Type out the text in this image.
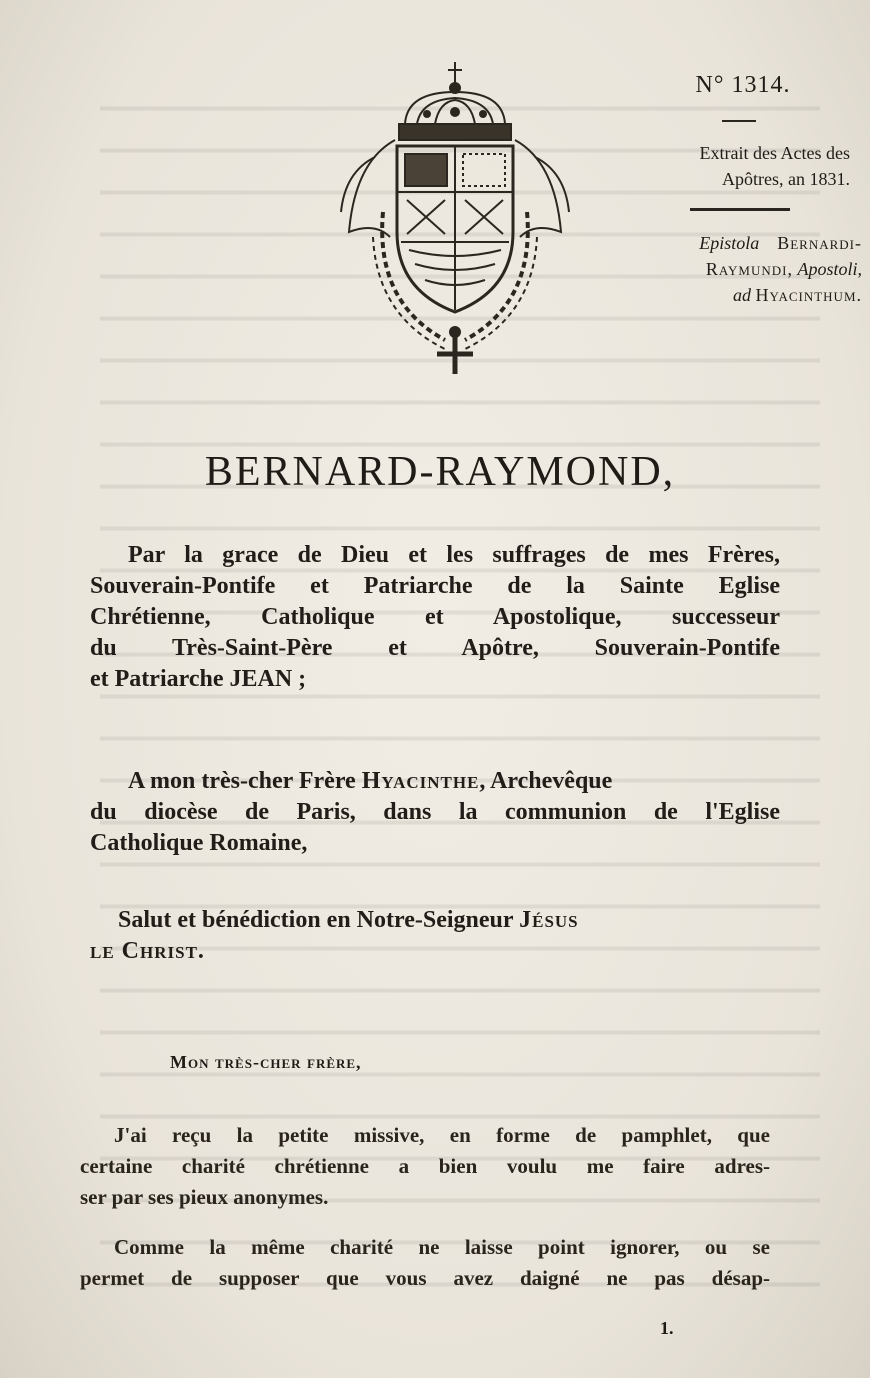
N° 1314.
Extrait des Actes des
Apôtres, an 1831.
Epistola Bernardi-
Raymundi, Apostoli,
ad Hyacinthum.
BERNARD-RAYMOND,
Par la grace de Dieu et les suffrages de mes Frères,
Souverain-Pontife et Patriarche de la Sainte Eglise
Chrétienne, Catholique et Apostolique, successeur
du Très-Saint-Père et Apôtre, Souverain-Pontife
et Patriarche JEAN ;
A mon très-cher Frère Hyacinthe, Archevêque
du diocèse de Paris, dans la communion de l'Eglise
Catholique Romaine,
Salut et bénédiction en Notre-Seigneur Jésus
le Christ.
Mon très-cher frère,
J'ai reçu la petite missive, en forme de pamphlet, que
certaine charité chrétienne a bien voulu me faire adres-
ser par ses pieux anonymes.
Comme la même charité ne laisse point ignorer, ou se
permet de supposer que vous avez daigné ne pas désap-
1.
